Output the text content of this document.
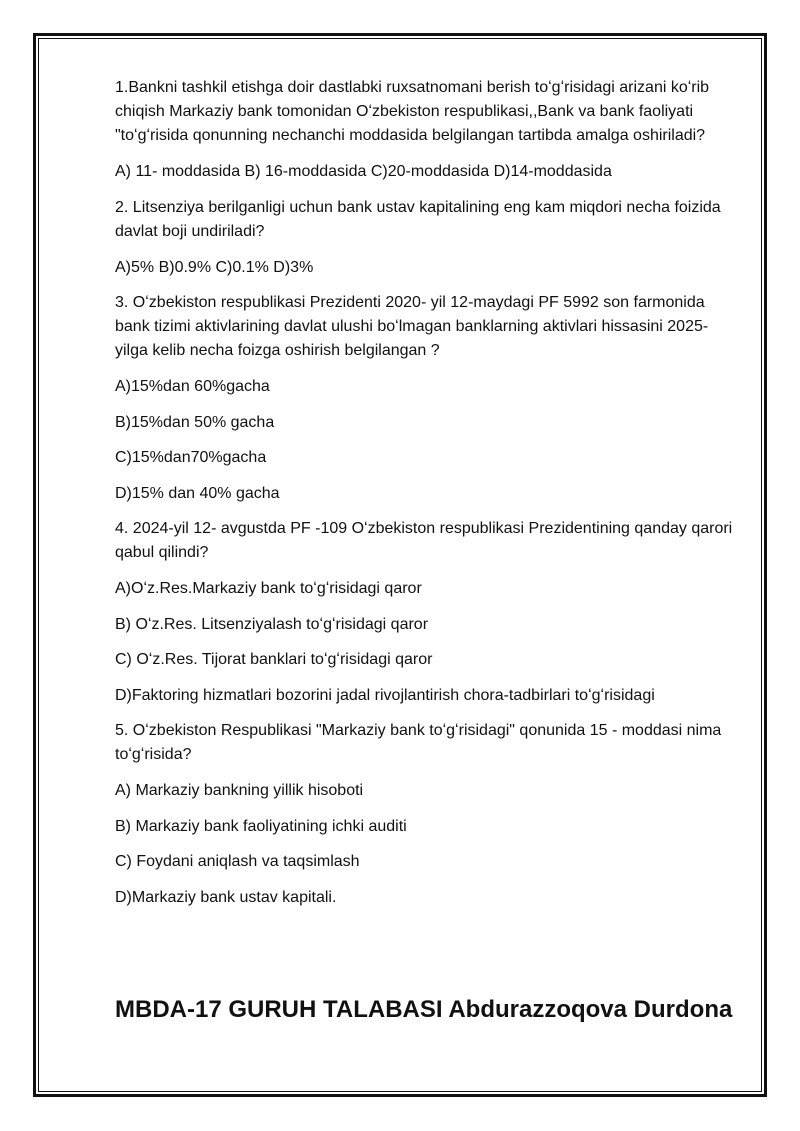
1.Bankni tashkil etishga doir dastlabki ruxsatnomani berish toʻgʻrisidagi arizani koʻrib chiqish Markaziy bank tomonidan Oʻzbekiston respublikasi,,Bank va bank faoliyati "toʻgʻrisida qonunning nechanchi moddasida belgilangan tartibda amalga oshiriladi?

A) 11- moddasida B) 16-moddasida C)20-moddasida D)14-moddasida

2. Litsenziya berilganligi uchun bank ustav kapitalining eng kam miqdori necha foizida davlat boji undiriladi?

A)5% B)0.9% C)0.1% D)3%

3. Oʻzbekiston respublikasi Prezidenti 2020- yil 12-maydagi PF 5992 son farmonida bank tizimi aktivlarining davlat ulushi boʻlmagan banklarning aktivlari hissasini 2025- yilga kelib necha foizga oshirish belgilangan ?

A)15%dan 60%gacha

B)15%dan 50% gacha

C)15%dan70%gacha

D)15% dan 40% gacha

4. 2024-yil 12- avgustda PF -109 Oʻzbekiston respublikasi Prezidentining qanday qarori qabul qilindi?

A)Oʻz.Res.Markaziy bank toʻgʻrisidagi qaror

B) Oʻz.Res. Litsenziyalash toʻgʻrisidagi qaror

C) Oʻz.Res. Tijorat banklari toʻgʻrisidagi qaror

D)Faktoring hizmatlari bozorini jadal rivojlantirish chora-tadbirlari toʻgʻrisidagi

5. Oʻzbekiston Respublikasi "Markaziy bank toʻgʻrisidagi" qonunida 15 - moddasi nima toʻgʻrisida?

A) Markaziy bankning yillik hisoboti

B) Markaziy bank faoliyatining ichki auditi

C) Foydani aniqlash va taqsimlash

D)Markaziy bank ustav kapitali.

MBDA-17 GURUH TALABASI Abdurazzoqova Durdona
